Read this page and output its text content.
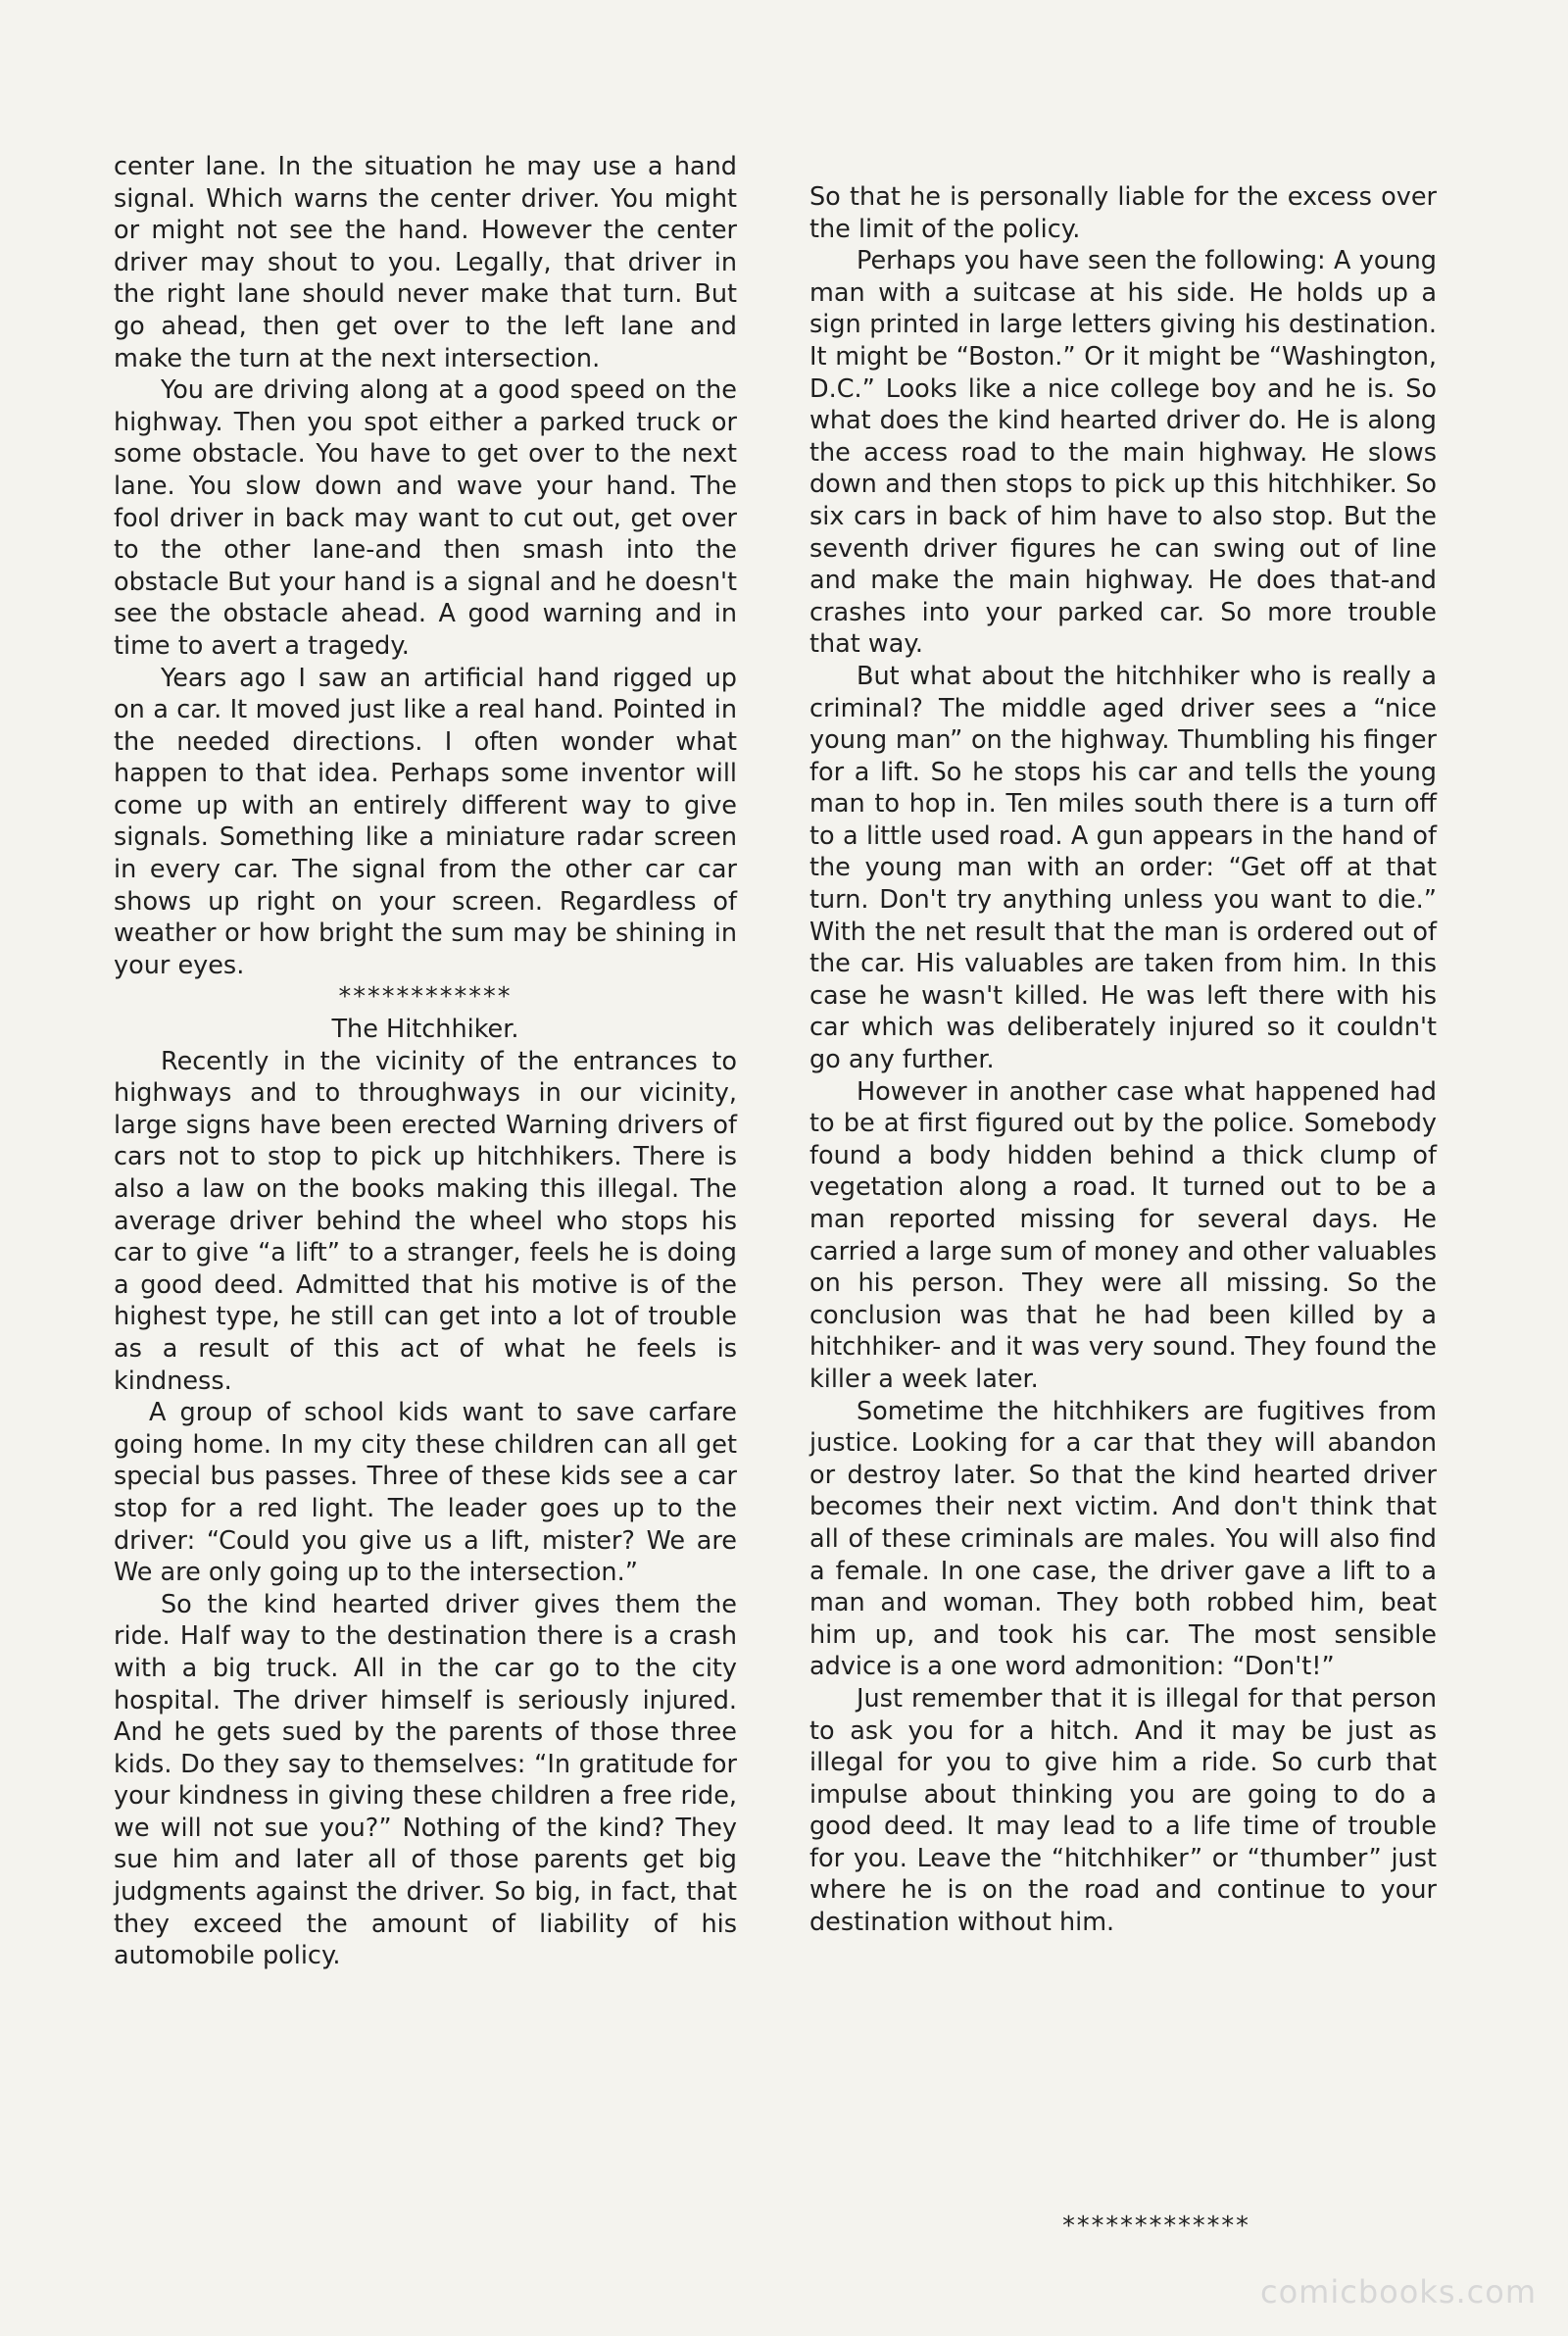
center lane. In the situation he may use a hand signal. Which warns the center driver. You might or might not see the hand. However the center driver may shout to you. Legally, that driver in the right lane should never make that turn. But go ahead, then get over to the left lane and make the turn at the next intersection.

You are driving along at a good speed on the highway. Then you spot either a parked truck or some obstacle. You have to get over to the next lane. You slow down and wave your hand. The fool driver in back may want to cut out, get over to the other lane-and then smash into the obstacle But your hand is a signal and he doesn't see the obstacle ahead. A good warning and in time to avert a tragedy.

Years ago I saw an artificial hand rigged up on a car. It moved just like a real hand. Pointed in the needed directions. I often wonder what happen to that idea. Perhaps some inventor will come up with an entirely different way to give signals. Something like a miniature radar screen in every car. The signal from the other car car shows up right on your screen. Regardless of weather or how bright the sum may be shining in your eyes.

************

The Hitchhiker.

Recently in the vicinity of the entrances to highways and to throughways in our vicinity, large signs have been erected Warning drivers of cars not to stop to pick up hitchhikers. There is also a law on the books making this illegal. The average driver behind the wheel who stops his car to give “a lift” to a stranger, feels he is doing a good deed. Admitted that his motive is of the highest type, he still can get into a lot of trouble as a result of this act of what he feels is kindness.

A group of school kids want to save carfare going home. In my city these children can all get special bus passes. Three of these kids see a car stop for a red light. The leader goes up to the driver: “Could you give us a lift, mister? We are We are only going up to the intersection.”

So the kind hearted driver gives them the ride. Half way to the destination there is a crash with a big truck. All in the car go to the city hospital. The driver himself is seriously injured. And he gets sued by the parents of those three kids. Do they say to themselves: “In gratitude for your kindness in giving these children a free ride, we will not sue you?” Nothing of the kind? They sue him and later all of those parents get big judgments against the driver. So big, in fact, that they exceed the amount of liability of his automobile policy.

So that he is personally liable for the excess over the limit of the policy.

Perhaps you have seen the following: A young man with a suitcase at his side. He holds up a sign printed in large letters giving his destination. It might be “Boston.” Or it might be “Washington, D.C.” Looks like a nice college boy and he is. So what does the kind hearted driver do. He is along the access road to the main highway. He slows down and then stops to pick up this hitchhiker. So six cars in back of him have to also stop. But the seventh driver figures he can swing out of line and make the main highway. He does that-and crashes into your parked car. So more trouble that way.

But what about the hitchhiker who is really a criminal? The middle aged driver sees a “nice young man” on the highway. Thumbling his finger for a lift. So he stops his car and tells the young man to hop in. Ten miles south there is a turn off to a little used road. A gun appears in the hand of the young man with an order: “Get off at that turn. Don't try anything unless you want to die.” With the net result that the man is ordered out of the car. His valuables are taken from him. In this case he wasn't killed. He was left there with his car which was deliberately injured so it couldn't go any further.

However in another case what happened had to be at first figured out by the police. Somebody found a body hidden behind a thick clump of vegetation along a road. It turned out to be a man reported missing for several days. He carried a large sum of money and other valuables on his person. They were all missing. So the conclusion was that he had been killed by a hitchhiker- and it was very sound. They found the killer a week later.

Sometime the hitchhikers are fugitives from justice. Looking for a car that they will abandon or destroy later. So that the kind hearted driver becomes their next victim. And don't think that all of these criminals are males. You will also find a female. In one case, the driver gave a lift to a man and woman. They both robbed him, beat him up, and took his car. The most sensible advice is a one word admonition: “Don't!”

Just remember that it is illegal for that person to ask you for a hitch. And it may be just as illegal for you to give him a ride. So curb that impulse about thinking you are going to do a good deed. It may lead to a life time of trouble for you. Leave the “hitchhiker” or “thumber” just where he is on the road and continue to your destination without him.

*************
comicbooks.com
